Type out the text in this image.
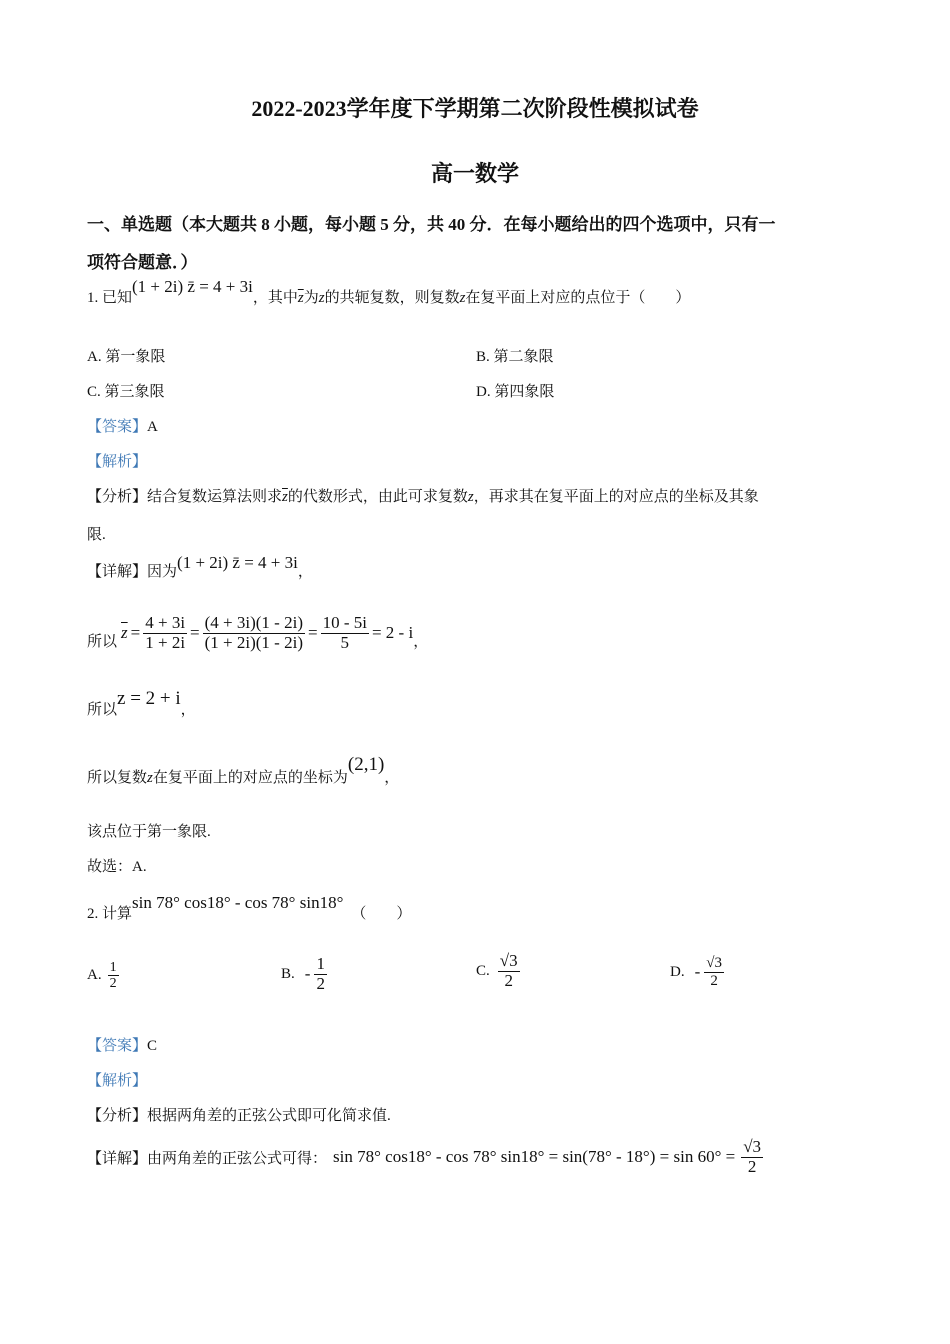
2022-2023学年度下学期第二次阶段性模拟试卷
高一数学
一、单选题（本大题共 8 小题，每小题 5 分，共 40 分．在每小题给出的四个选项中，只有一
项符合题意．）
1. 已知(1 + 2i) z̄ = 4 + 3i，其中$\overline{z}$为z的共轭复数，则复数z在复平面上对应的点位于（　　）
A. 第一象限	B. 第二象限
C. 第三象限	D. 第四象限
【答案】A
【解析】
【分析】结合复数运算法则求$\overline{z}$的代数形式，由此可求复数z，再求其在复平面上的对应点的坐标及其象
限.
【详解】因为(1 + 2i) z̄ = 4 + 3i，
所以 $\overline{z} = \frac{4 + 3i}{1 + 2i} = \frac{(4 + 3i)(1 - 2i)}{(1 + 2i)(1 - 2i)} = \frac{10 - 5i}{5} = 2 - i$ ，
所以z = 2 + i，
所以复数z在复平面上的对应点的坐标为(2,1)，
该点位于第一象限.
故选：A.
2. 计算sin 78° cos18° - cos 78° sin18°（　　）
A. $\frac{1}{2}$	B. - $\frac{1}{2}$	C. $\frac{√3}{2}$	D. - $\frac{√3}{2}$
【答案】C
【解析】
【分析】根据两角差的正弦公式即可化简求值.
【详解】 由两角差的正弦公式可得： sin 78° cos18° - cos 78° $\sin 18^\circ = \sin(78^\circ - 18^\circ) = \sin 60^\circ = \frac{√3}{2}$
